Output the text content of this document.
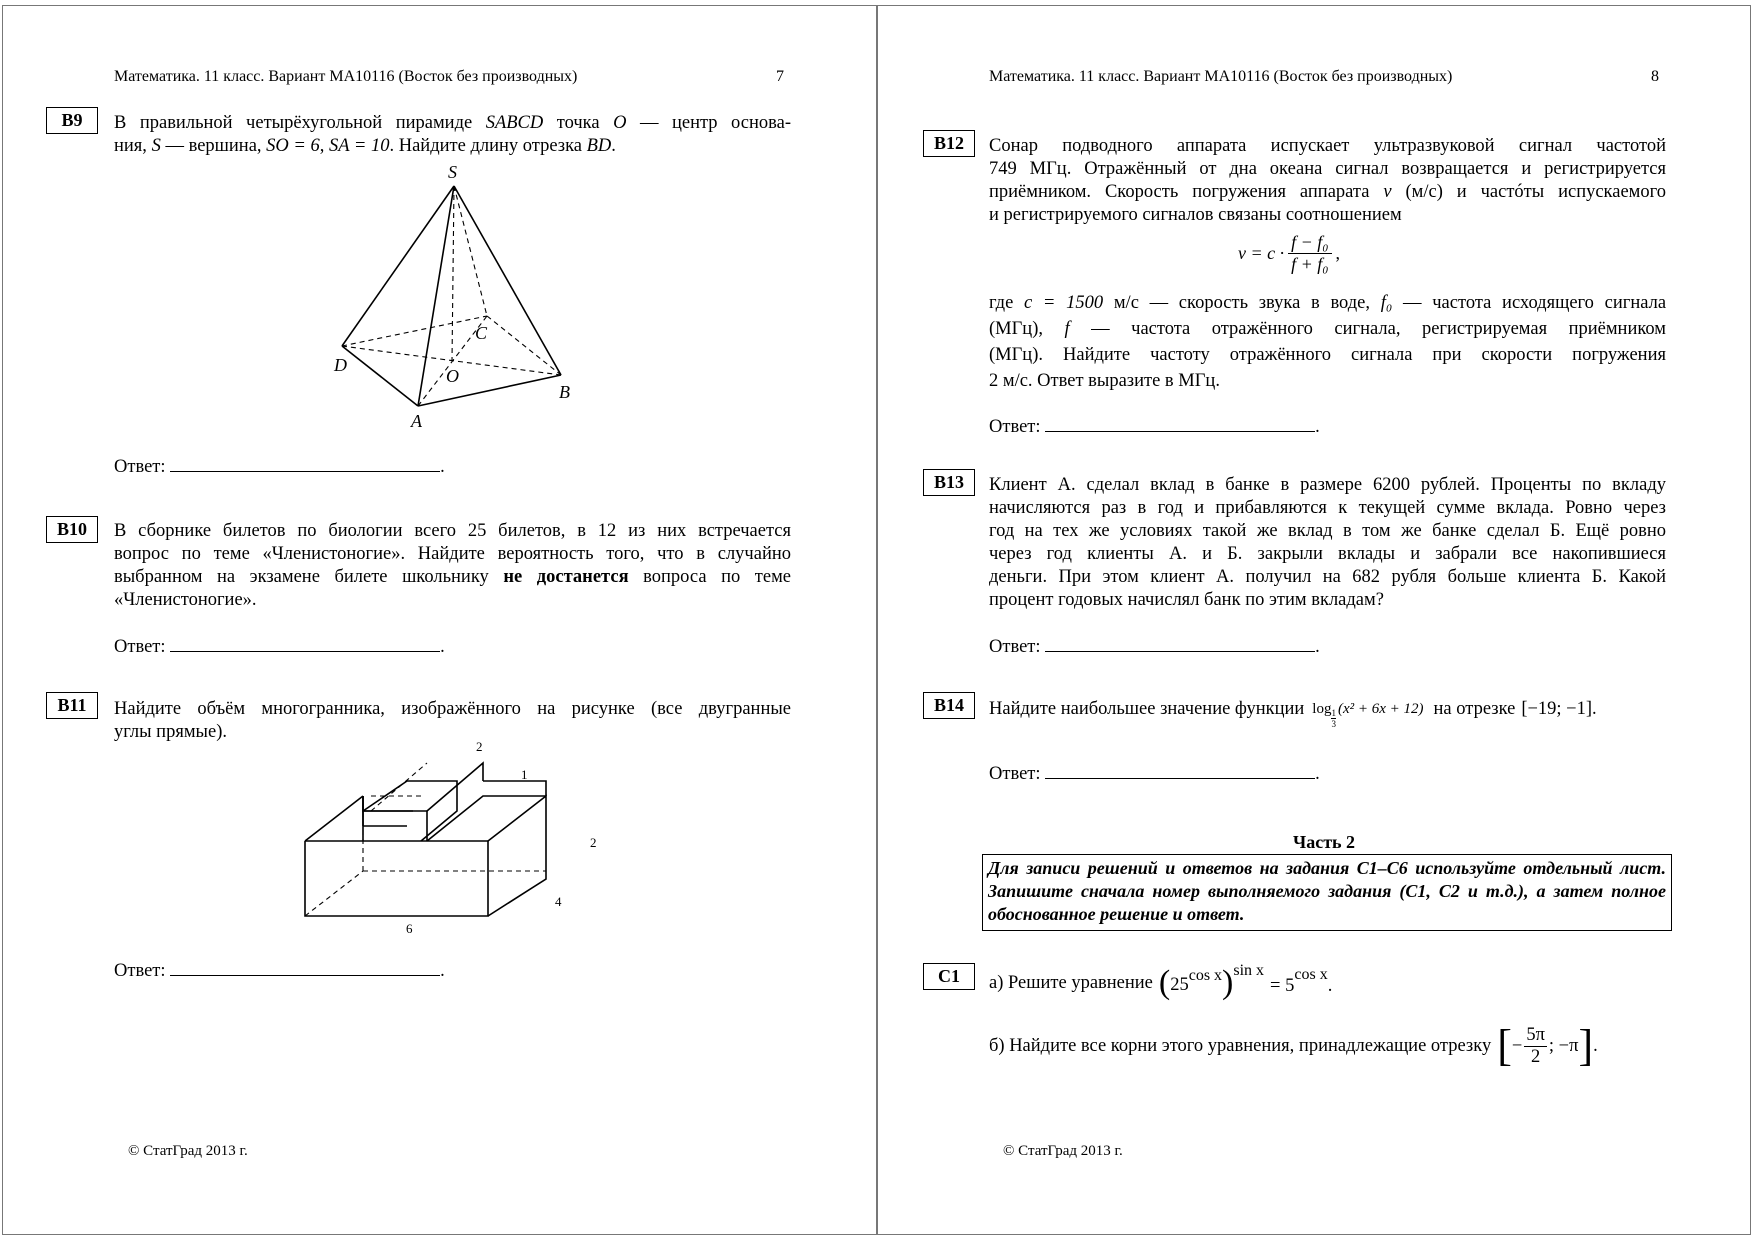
Математика. 11 класс. Вариант МА10116 (Восток без производных)	7
B9	В правильной четырёхугольной пирамиде SABCD точка O — центр основа-
ния, S — вершина, SO = 6, SA = 10. Найдите длину отрезка BD.
S
A
B
C
D
O
Ответ:	.
B10	В сборнике билетов по биологии всего 25 билетов, в 12 из них встречается
вопрос по теме «Членистоногие». Найдите вероятность того, что в случайно
выбранном на экзамене билете школьнику не достанется вопроса по теме
«Членистоногие».
Ответ:	.
B11	Найдите объём многогранника, изображённого на рисунке (все двугранные
углы прямые).
2
1
2
4
6
Ответ:	.
© СтатГрад 2013 г.
Математика. 11 класс. Вариант МА10116 (Восток без производных)	8
B12	Сонар подводного аппарата испускает ультразвуковой сигнал частотой
749 МГц. Отражённый от дна океана сигнал возвращается и регистрируется
приёмником. Скорость погружения аппарата v (м/с) и частóты испускаемого
и регистрируемого сигналов связаны соотношением
$v = c \cdot \frac{\text{f − f₀}}{\text{f + f₀}}$ ,
где c = 1500 м/с — скорость звука в воде, f₀ — частота исходящего сигнала
(МГц), f — частота отражённого сигнала, регистрируемая приёмником
(МГц). Найдите частоту отражённого сигнала при скорости погружения
2 м/с. Ответ выразите в МГц.
Ответ:	.
B13	Клиент А. сделал вклад в банке в размере 6200 рублей. Проценты по вкладу
начисляются раз в год и прибавляются к текущей сумме вклада. Ровно через
год на тех же условиях такой же вклад в том же банке сделал Б. Ещё ровно
через год клиенты А. и Б. закрыли вклады и забрали все накопившиеся
деньги. При этом клиент А. получил на 682 рубля больше клиента Б. Какой
процент годовых начислял банк по этим вкладам?
Ответ:	.
B14	Найдите наибольшее значение функции $\log \frac{1}{3} (x^2 + 6x + 12)$ на отрезке [−19; −1] .
Ответ:	.
Часть 2
Для записи решений и ответов на задания С1–С6 используйте отдельный лист. Запишите сначала номер выполняемого задания (С1, С2 и т.д.), а затем полное обоснованное решение и ответ.
C1	а) Решите уравнение ( 25 cos x ) sin x
= 5
cos x
.
б) Найдите все корни этого уравнения, принадлежащие отрезку [ − $\frac{5\pi}{2}$ ; −π ] .
© СтатГрад 2013 г.
